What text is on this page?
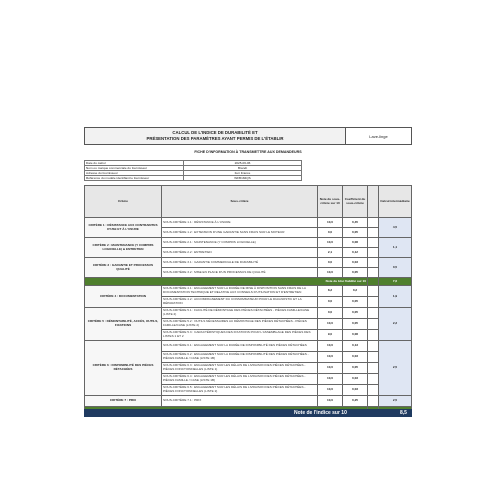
CALCUL DE L'INDICE DE DURABILITÉ ET
PRÉSENTATION DES PARAMÈTRES AYANT PERMIS DE L'ÉTABLIR	Lave-linge
FICHE D'INFORMATION À TRANSMETTRE AUX DEMANDEURS
Date du calcul	2025-06-06
Nom ou marque commerciale du fournisseur	Brandt
Adresse du fournisseur	Ituri France
Référence du modèle identifiant le fournisseur	WFB184QS
Critère	Sous-critère	Note du sous-critère sur 10	Coefficient du sous-critère		Calcul intermédiaire
CRITÈRE 1 : RÉSISTANCE AUX CONTRAINTES D'USE ET À L'USURE	SOUS-CRITÈRE 1.1 : RÉSISTANCE À L'USURE	10,0	0,45		4,5
	SOUS-CRITÈRE 1.2 : EXTENSION D'UNE GARANTIE SANS FRAIS SUR LE MOTEUR	0,0	0,05		
CRITÈRE 2 : MAINTENANCE (Y COMPRIS LOGICIELLE) & ENTRETIEN	SOUS-CRITÈRE 2.1 : MAINTENANCE (Y COMPRIS LOGICIELLE)	10,0	0,08		1,1
	SOUS-CRITÈRE 2.2 : ENTRETIEN	2,1	0,12		
CRITÈRE 3 : GARANTIE ET PROCESSUS QUALITÉ	SOUS-CRITÈRE 3.1 : GARANTIE COMMERCIALE DE DURABILITÉ	0,0	0,03		0,5
	SOUS-CRITÈRE 3.2 : MISE EN PLACE D'UN PROCESSUS DE QUALITÉ	10,0	0,05		
Note du bloc fiabilité sur 10					7,6
CRITÈRE 4 : DOCUMENTATION	SOUS-CRITÈRE 4.1 : ENGAGEMENT SUR LA DURÉE DE MISE À DISPOSITION SANS FRAIS DE LA DOCUMENTATION TECHNIQUE ET RELATIVE AUX CONSEILS D'UTILISATION ET D'ENTRETIEN	8,2	0,2		1,9
	SOUS-CRITÈRE 4.2 : ACCOMPAGNEMENT DU CONSOMMATEUR POUR LE DIAGNOSTIC ET LA RÉPARATION	0,0	0,05		
CRITÈRE 5 : DÉMONTABILITÉ, ACCÈS, OUTILS, FIXATIONS	SOUS-CRITÈRE 5.1 : FACILITÉ DE DÉMONTAGE DES PIÈCES DÉTACHÉES - PIÈCES FAMILLE/CASE (LISTE 2)	0,0	0,05		2,2
	SOUS-CRITÈRE 5.2 : OUTILS NÉCESSAIRES AU DÉMONTAGE DES PIÈCES DÉTACHÉES - PIÈCES FAMILLE/CASE (LISTE 2)	10,0	0,05		
	SOUS-CRITÈRE 5.3 : CARACTÉRISTIQUES DES FIXATIONS POUR L'ASSEMBLAGE DES PIÈCES DES LISTES 1 ET 2	9,0	0,08		
CRITÈRE 6 : DISPONIBILITÉ DES PIÈCES DÉTACHÉES	SOUS-CRITÈRE 6.1 : ENGAGEMENT SUR LA DURÉE DE DISPONIBILITÉ DES PIÈCES DÉTACHÉES	10,0	0,13		2,5
	SOUS-CRITÈRE 6.2 : ENGAGEMENT SUR LA DURÉE DE DISPONIBILITÉ DES PIÈCES DÉTACHÉES - PIÈCES FAMILLE / CASE (LISTE 1B)	10,0	0,03		
	SOUS-CRITÈRE 6.3 : ENGAGEMENT SUR LES DÉLAIS DE LIVRAISON DES PIÈCES DÉTACHÉES - PIÈCES FONCTIONNELLES (LISTE 1)	10,0	0,05		
	SOUS-CRITÈRE 6.4 : ENGAGEMENT SUR LES DÉLAIS DE LIVRAISON DES PIÈCES DÉTACHÉES - PIÈCES FAMILLE / CASE (LISTE 1B)	10,0	0,03		
	SOUS-CRITÈRE 6.5 : ENGAGEMENT SUR LES DÉLAIS DE LIVRAISON DES PIÈCES DÉTACHÉES - PIÈCES FONCTIONNELLES (LISTE 2)	10,0	0,03		
CRITÈRE 7 : PRIX	SOUS-CRITÈRE 7.1 : PRIX	10,0	0,25		2,5

Note de l'indice sur 10	8,5
